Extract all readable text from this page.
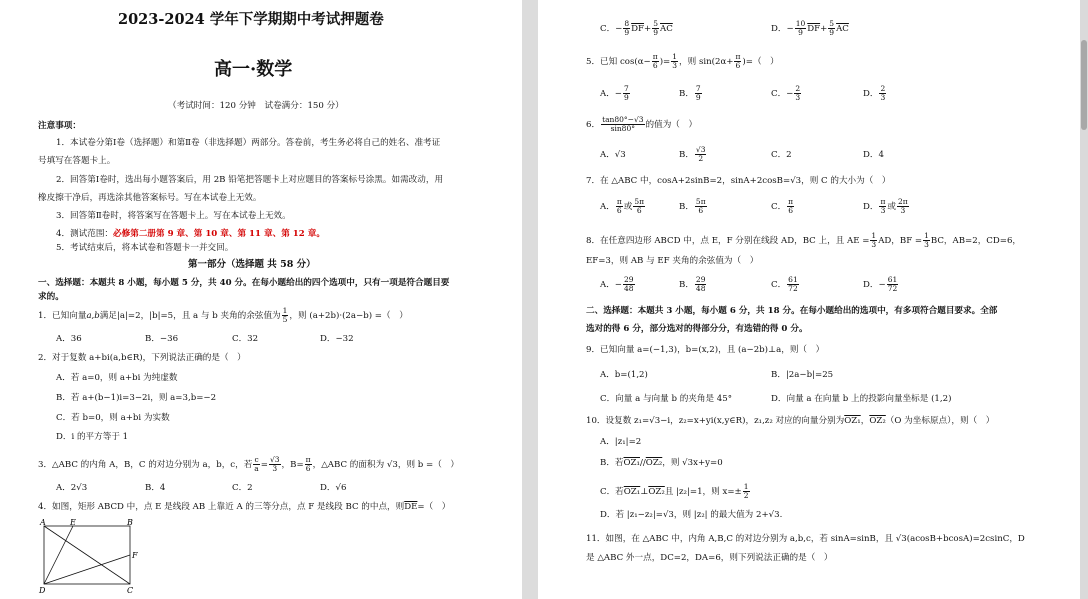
2023-2024 学年下学期期中考试押题卷
高一·数学
（考试时间：120 分钟　试卷满分：150 分）
注意事项：
1．本试卷分第Ⅰ卷（选择题）和第Ⅱ卷（非选择题）两部分。答卷前，考生务必将自己的姓名、准考证
号填写在答题卡上。
2．回答第Ⅰ卷时，选出每小题答案后，用 2B 铅笔把答题卡上对应题目的答案标号涂黑。如需改动，用
橡皮擦干净后，再选涂其他答案标号。写在本试卷上无效。
3．回答第Ⅱ卷时，将答案写在答题卡上。写在本试卷上无效。
4．测试范围：必修第二册第 9 章、第 10 章、第 11 章、第 12 章。
5．考试结束后，将本试卷和答题卡一并交回。
第一部分（选择题 共 58 分）
一、选择题：本题共 8 小题，每小题 5 分，共 40 分。在每小题给出的四个选项中，只有一项是符合题目要
求的。
1．已知向量a,b满足|a|=2，|b|=5，且 a 与 b 夹角的余弦值为 $\frac{1}{5}$ ，则 (a+2b)·(2a−b) =（　）
A．36	B．−36	C．32	D．−32
2．对于复数 a+bi(a,b∈R)，下列说法正确的是（　）
A．若 a=0，则 a+bi 为纯虚数
B．若 a+(b−1)i=3−2i，则 a=3,b=−2
C．若 b=0，则 a+bi 为实数
D．i 的平方等于 1
3．△ABC 的内角 A，B，C 的对边分别为 a，b，c，若 $\frac{c}{a} = \frac{√3}{3}$ ，$B= \frac{\pi}{6}$ ，△ABC 的面积为 √3，则 b =（　）
A．2√3	B．4	C．2	D．√6
4．如图，矩形 ABCD 中，点 E 是线段 AB 上靠近 A 的三等分点，点 F 是线段 BC 的中点，则$\overline{DE}=$（　）
A	E	B
F
D	C
C．− $\frac{8}{9} \overline{DF}+ \frac{5}{9} \overline{AC}$	D．− $\frac{10}{9} \overline{DF}+ \frac{5}{9} \overline{AC}$
5．已知 $\cos(\alpha- \frac{\pi}{6}$ )= $\frac{1}{3}$ ，则 $\sin(2\alpha+ \frac{\pi}{6}$ )=（　）
A．− $\frac{7}{9}$	B． $\frac{7}{9}$	C．− $\frac{2}{3}$	D． $\frac{2}{3}$
6． $\frac{\tan 80^\circ-√3}{\sin 80^\circ}$ 的值为（　）
A．√3	B． $\frac{√3}{2}$	C．2	D．4
7．在 △ABC 中，cosA+2sinB=2，sinA+2cosB=√3，则 C 的大小为（　）
A． $\frac{\pi}{6}$ 或 $\frac{5\pi}{6}$	B． $\frac{5\pi}{6}$	C． $\frac{\pi}{6}$	D． $\frac{\pi}{3}$ 或 $\frac{2\pi}{3}$
8．在任意四边形 ABCD 中，点 E，F 分别在线段 AD，BC 上，且 AE = $\frac{1}{3}$ AD，BF = $\frac{1}{3}$ BC，AB=2，CD=6，
EF=3，则 AB 与 EF 夹角的余弦值为（　）
A．− $\frac{29}{48}$	B． $\frac{29}{48}$	C． $\frac{61}{72}$	D．− $\frac{61}{72}$
二、选择题：本题共 3 小题，每小题 6 分，共 18 分。在每小题给出的选项中，有多项符合题目要求。全部
选对的得 6 分，部分选对的得部分分，有选错的得 0 分。
9．已知向量 a=(−1,3)，b=(x,2)，且 (a−2b)⊥a，则（　）
A．b=(1,2)	B．|2a−b|=25
C．向量 a 与向量 b 的夹角是 45°	D．向量 a 在向量 b 上的投影向量坐标是 (1,2)
10．设复数 z₁=√3−i，z₂=x+yi(x,y∈R)，z₁,z₂ 对应的向量分别为OZ₁，OZ₂（O 为坐标原点），则（　）
A．|z₁|=2
B．若OZ₁//OZ₂，则 √3x+y=0
C．若OZ₁⊥OZ₂且 |z₂|=1，则 $x=\pm \frac{1}{2}$
D．若 |z₁−z₂|=√3，则 |z₂| 的最大值为 2+√3.
11．如图，在 △ABC 中，内角 A,B,C 的对边分别为 a,b,c，若 sinA=sinB，且 √3(acosB+bcosA)=2csinC，D
是 △ABC 外一点，DC=2，DA=6，则下列说法正确的是（　）
